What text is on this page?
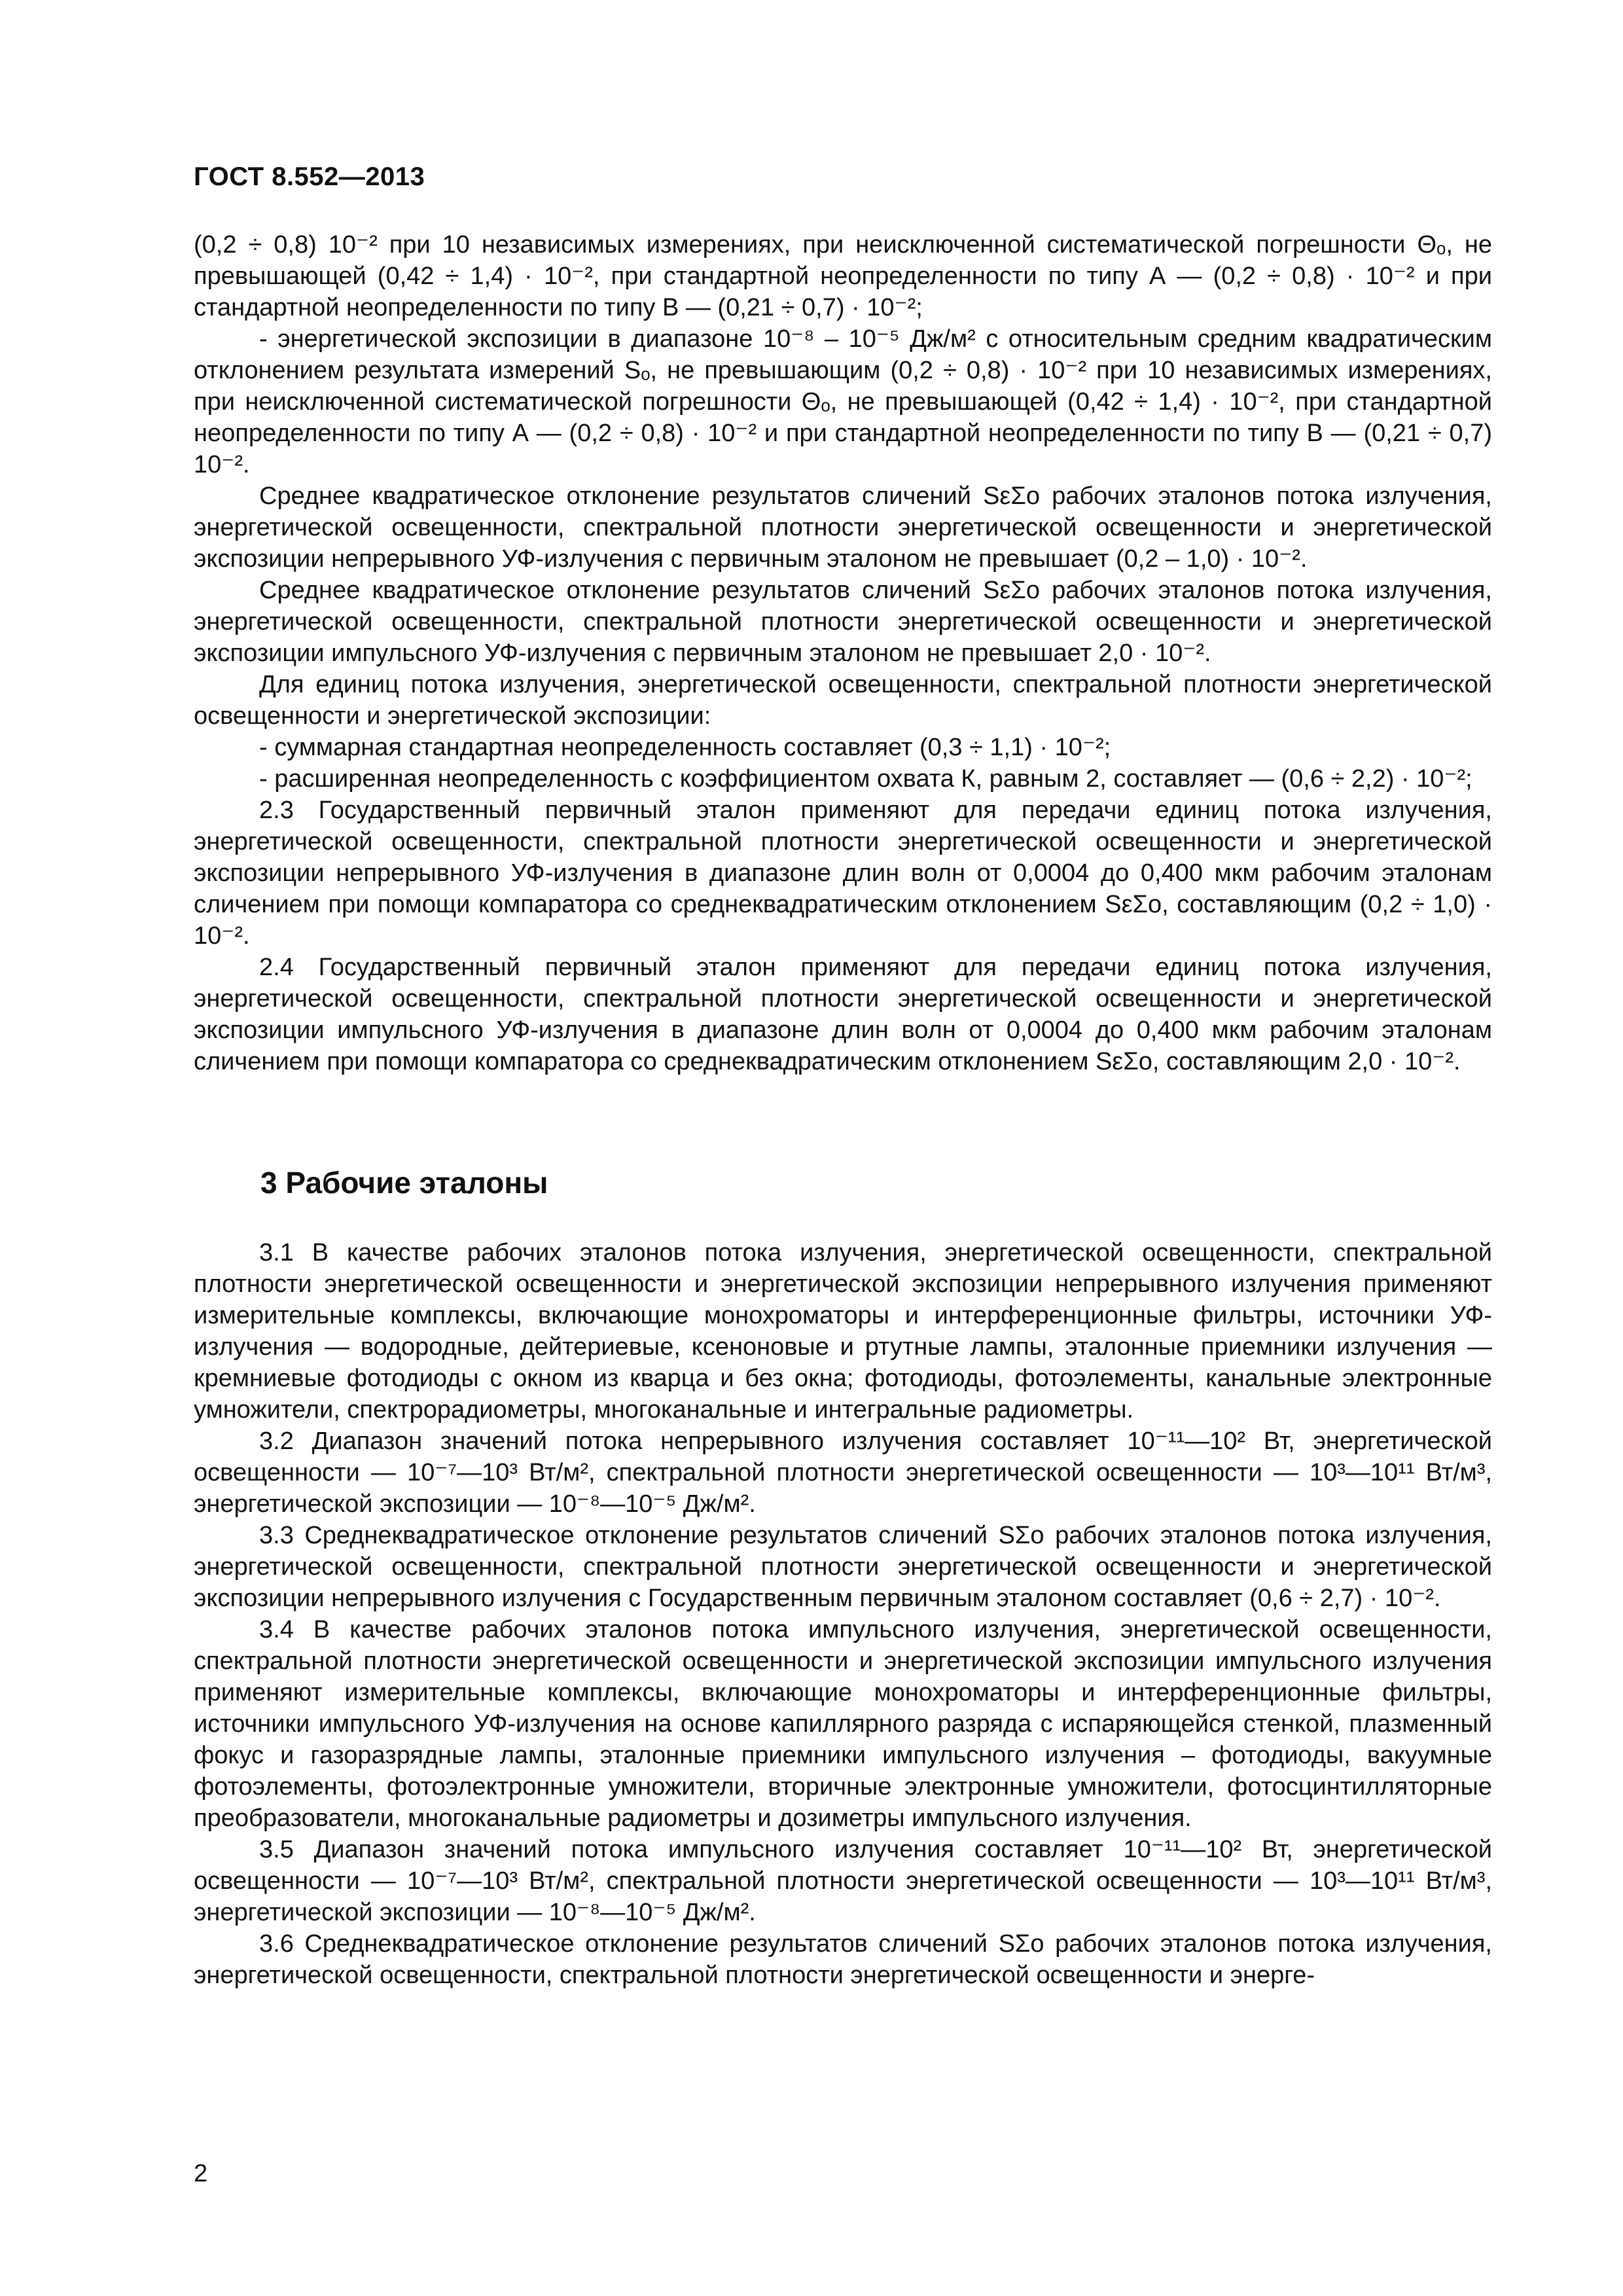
ГОСТ 8.552—2013

(0,2 ÷ 0,8) 10⁻² при 10 независимых измерениях, при неисключенной систематической погрешности Θₒ, не превышающей (0,42 ÷ 1,4) · 10⁻², при стандартной неопределенности по типу А — (0,2 ÷ 0,8) · 10⁻² и при стандартной неопределенности по типу В — (0,21 ÷ 0,7) · 10⁻²;

- энергетической экспозиции в диапазоне 10⁻⁸ – 10⁻⁵ Дж/м² с относительным средним квадратическим отклонением результата измерений Sₒ, не превышающим (0,2 ÷ 0,8) · 10⁻² при 10 независимых измерениях, при неисключенной систематической погрешности Θₒ, не превышающей (0,42 ÷ 1,4) · 10⁻², при стандартной неопределенности по типу А — (0,2 ÷ 0,8) · 10⁻² и при стандартной неопределенности по типу В — (0,21 ÷ 0,7) 10⁻².

Среднее квадратическое отклонение результатов сличений SεΣo рабочих эталонов потока излучения, энергетической освещенности, спектральной плотности энергетической освещенности и энергетической экспозиции непрерывного УФ-излучения с первичным эталоном не превышает (0,2 – 1,0) · 10⁻².

Среднее квадратическое отклонение результатов сличений SεΣo рабочих эталонов потока излучения, энергетической освещенности, спектральной плотности энергетической освещенности и энергетической экспозиции импульсного УФ-излучения с первичным эталоном не превышает 2,0 · 10⁻².

Для единиц потока излучения, энергетической освещенности, спектральной плотности энергетической освещенности и энергетической экспозиции:

- суммарная стандартная неопределенность составляет (0,3 ÷ 1,1) · 10⁻²;

- расширенная неопределенность с коэффициентом охвата К, равным 2, составляет — (0,6 ÷ 2,2) · 10⁻²;

2.3 Государственный первичный эталон применяют для передачи единиц потока излучения, энергетической освещенности, спектральной плотности энергетической освещенности и энергетической экспозиции непрерывного УФ-излучения в диапазоне длин волн от 0,0004 до 0,400 мкм рабочим эталонам сличением при помощи компаратора со среднеквадратическим отклонением SεΣo, составляющим (0,2 ÷ 1,0) · 10⁻².

2.4 Государственный первичный эталон применяют для передачи единиц потока излучения, энергетической освещенности, спектральной плотности энергетической освещенности и энергетической экспозиции импульсного УФ-излучения в диапазоне длин волн от 0,0004 до 0,400 мкм рабочим эталонам сличением при помощи компаратора со среднеквадратическим отклонением SεΣo, составляющим 2,0 · 10⁻².

3 Рабочие эталоны

3.1 В качестве рабочих эталонов потока излучения, энергетической освещенности, спектральной плотности энергетической освещенности и энергетической экспозиции непрерывного излучения применяют измерительные комплексы, включающие монохроматоры и интерференционные фильтры, источники УФ-излучения — водородные, дейтериевые, ксеноновые и ртутные лампы, эталонные приемники излучения — кремниевые фотодиоды с окном из кварца и без окна; фотодиоды, фотоэлементы, канальные электронные умножители, спектрорадиометры, многоканальные и интегральные радиометры.

3.2 Диапазон значений потока непрерывного излучения составляет 10⁻¹¹—10² Вт, энергетической освещенности — 10⁻⁷—10³ Вт/м², спектральной плотности энергетической освещенности — 10³—10¹¹ Вт/м³, энергетической экспозиции — 10⁻⁸—10⁻⁵ Дж/м².

3.3 Среднеквадратическое отклонение результатов сличений SΣo рабочих эталонов потока излучения, энергетической освещенности, спектральной плотности энергетической освещенности и энергетической экспозиции непрерывного излучения с Государственным первичным эталоном составляет (0,6 ÷ 2,7) · 10⁻².

3.4 В качестве рабочих эталонов потока импульсного излучения, энергетической освещенности, спектральной плотности энергетической освещенности и энергетической экспозиции импульсного излучения применяют измерительные комплексы, включающие монохроматоры и интерференционные фильтры, источники импульсного УФ-излучения на основе капиллярного разряда с испаряющейся стенкой, плазменный фокус и газоразрядные лампы, эталонные приемники импульсного излучения – фотодиоды, вакуумные фотоэлементы, фотоэлектронные умножители, вторичные электронные умножители, фотосцинтилляторные преобразователи, многоканальные радиометры и дозиметры импульсного излучения.

3.5 Диапазон значений потока импульсного излучения составляет 10⁻¹¹—10² Вт, энергетической освещенности — 10⁻⁷—10³ Вт/м², спектральной плотности энергетической освещенности — 10³—10¹¹ Вт/м³, энергетической экспозиции — 10⁻⁸—10⁻⁵ Дж/м².

3.6 Среднеквадратическое отклонение результатов сличений SΣo рабочих эталонов потока излучения, энергетической освещенности, спектральной плотности энергетической освещенности и энерге-

2
